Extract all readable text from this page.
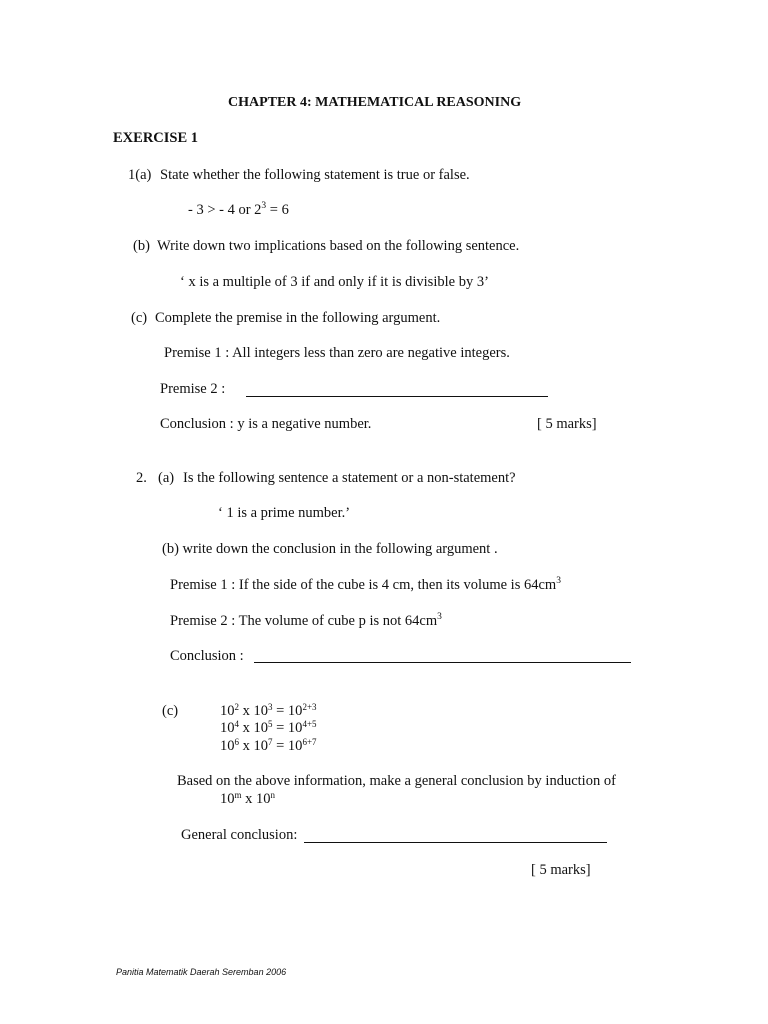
CHAPTER 4: MATHEMATICAL REASONING
EXERCISE 1
1(a) State whether the following statement is true or false.
- 3 > - 4 or $2^3 = 6$
(b) Write down two implications based on the following sentence.
‘ x is a multiple of 3 if and only if it is divisible by 3’
(c) Complete the premise in the following argument.
Premise 1 : All integers less than zero are negative integers.
Premise 2 :
Conclusion : y is a negative number.	[ 5 marks]
2. (a) Is the following sentence a statement or a non-statement?
‘ 1 is a prime number.’
(b) write down the conclusion in the following argument .
Premise 1 : If the side of the cube is 4 cm, then its volume is $64cm^3$
Premise 2 : The volume of cube p is not $64cm^3$
Conclusion :
(c)	$10^2$ x $10^3 = 10^{2+3}$
$10^4$ x $10^5 = 10^{4+5}$
$10^6$ x $10^7 = 10^{6+7}$
Based on the above information, make a general conclusion by induction of
10$^m$ x 10$^n$
General conclusion:
[ 5 marks]
Panitia Matematik Daerah Seremban 2006
